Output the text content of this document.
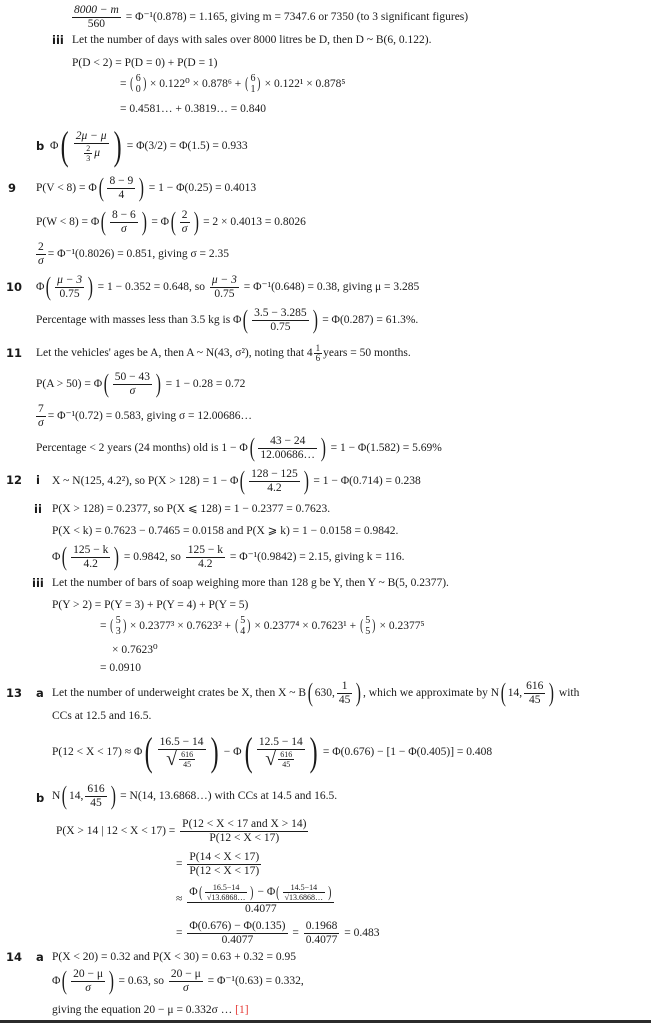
$\frac{8000 - m}{560} = \Phi^{-1}(0.878) = 1.165$, giving m = 7347.6 or 7350 (to 3 significant figures)
iii Let the number of days with sales over 8000 litres be D, then D ~ B(6, 0.122).
P(D < 2) = P(D = 0) + P(D = 1)
= ( 6
0 ) × 0.122⁰ × 0.878⁶ + ( 6
1 ) × 0.122¹ × 0.878⁵
= 0.4581… + 0.3819… = 0.840
b $\Phi( \frac{2\mu - \mu}{\frac{2}{3} \mu}$ ) = Φ(3/2) = Φ(1.5) = 0.933
9 $P(V < 8) = \Phi( \frac{8 - 9}{4}$ ) = 1 − Φ(0.25) = 0.4013
$P(W < 8) = \Phi( \frac{8 - 6}{\sigma}$ ) = $\Phi( \frac{2}{\sigma}$ ) = 2 × 0.4013 = 0.8026
$\frac{2}{\sigma} = \Phi^{-1}(0.8026) = 0.851$, giving σ = 2.35
10 $\Phi( \frac{\mu - 3}{0.75}$ ) = 1 − 0.352 = 0.648, so $\frac{\mu - 3}{0.75} = \Phi^{-1}(0.648) = 0.38$, giving μ = 3.285
Percentage with masses less than 3.5 kg is $\Phi( \frac{3.5 - 3.285}{0.75}$ ) = Φ(0.287) = 61.3%.
11 Let the vehicles' ages be A, then A ~ N(43, σ²), noting that $4 \frac{1}{6}$ years = 50 months.
$P(A > 50) = \Phi( \frac{50 - 43}{\sigma}$ ) = 1 − 0.28 = 0.72
$\frac{7}{\sigma} = \Phi^{-1}(0.72) = 0.583$, giving σ = 12.00686…
Percentage < 2 years (24 months) old is $1 - \Phi( \frac{43 - 24}{12.00686\dots}$ ) = 1 − Φ(1.582) = 5.69%
12 i X ~ N(125, 4.2²), so $P(X > 128) = 1 - \Phi( \frac{128 - 125}{4.2}$ ) = 1 − Φ(0.714) = 0.238
ii P(X > 128) = 0.2377, so P(X ⩽ 128) = 1 − 0.2377 = 0.7623.
P(X < k) = 0.7623 − 0.7465 = 0.0158 and P(X ⩾ k) = 1 − 0.0158 = 0.9842.
$\Phi( \frac{125 - k}{4.2}$ ) = 0.9842, so $\frac{125 - k}{4.2} = \Phi^{-1}(0.9842) = 2.15$, giving k = 116.
iii Let the number of bars of soap weighing more than 128 g be Y, then Y ~ B(5, 0.2377).
P(Y > 2) = P(Y = 3) + P(Y = 4) + P(Y = 5)
= ( 5
3 ) × 0.2377³ × 0.7623² + ( 5
4 ) × 0.2377⁴ × 0.7623¹ + ( 5
5 ) × 0.2377⁵
× 0.7623⁰
= 0.0910
13 a Let the number of underweight crates be X, then X ~ B( 630, $\frac{1}{45}$ ) , which we approximate by N( 14, $\frac{616}{45}$ ) with
CCs at 12.5 and 16.5.
$P(12 < X < 17) \approx \Phi( \frac{16.5 - 14}{√ \frac{616}{45}}$ ) − $\Phi( \frac{12.5 - 14}{√ \frac{616}{45}}$ ) = Φ(0.676) − [1 − Φ(0.405)] = 0.408
b N( 14, $\frac{616}{45}$ ) = N(14, 13.6868…) with CCs at 14.5 and 16.5.
P(X > 14 | 12 < X < 17) =
P(12 < X < 17 and X > 14)
P(12 < X < 17)
= $\frac{P(14 < X < 17)}{P(12 < X < 17)}$
≈ $\frac{\Phi( \frac{16.5-14}{√13.6868\dots} ) - \Phi( \frac{14.5-14}{√13.6868\dots} )}{0.4077}$
= $\frac{\Phi(0.676) - \Phi(0.135)}{0.4077} = \frac{0.1968}{0.4077} = 0.483$
14 a P(X < 20) = 0.32 and P(X < 30) = 0.63 + 0.32 = 0.95
$\Phi( \frac{20 - \mu}{\sigma}$ ) = 0.63, so $\frac{20 - \mu}{\sigma} = \Phi^{-1}(0.63) = 0.332$,
giving the equation 20 − μ = 0.332σ … [1]
